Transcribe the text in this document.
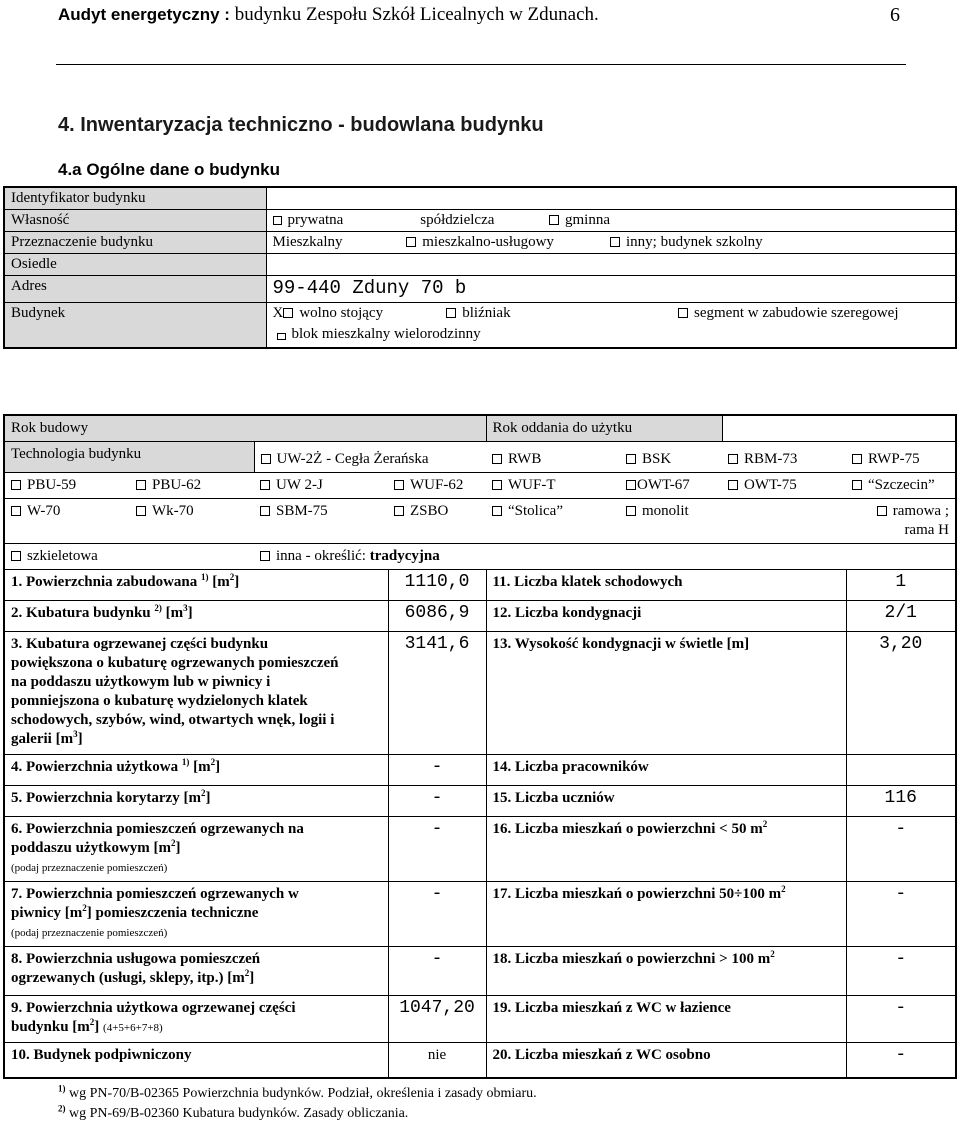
Audyt energetyczny : budynku Zespołu Szkół Licealnych w Zdunach.	6
4. Inwentaryzacja techniczno - budowlana budynku
4.a Ogólne dane o budynku
Identyfikator budynku	
Własność	prywatna spółdzielcza gminna
Przeznaczenie budynku	Mieszkalny mieszkalno-usługowy inny; budynek szkolny
Osiedle	
Adres	99-440 Zduny 70 b
Budynek	X wolno stojący bliźniak segment w zabudowie szeregowej
blok mieszkalny wielorodzinny
Rok budowy				Rok oddania do użytku			
Technologia budynku		UW-2Ż - Cegła Żerańska		RWB	BSK	RBM-73	RWP-75
PBU-59	PBU-62	UW 2-J	WUF-62	WUF-T	OWT-67	OWT-75	“Szczecin”
W-70	Wk-70	SBM-75	ZSBO	“Stolica”	monolit		ramowa ; rama H
szkieletowa		inna - określić: tradycyjna					
1. Powierzchnia zabudowana $^{1)}$ $[m^2]$			1110,0	11. Liczba klatek schodowych			1
2. Kubatura budynku $^{2)}$ $[m^3]$			6086,9	12. Liczba kondygnacji			2/1
3. Kubatura ogrzewanej części budynku powiększona o kubaturę ogrzewanych pomieszczeń na poddaszu użytkowym lub w piwnicy i pomniejszona o kubaturę wydzielonych klatek schodowych, szybów, wind, otwartych wnęk, logii i galerii $[m^3]$			3141,6	13. Wysokość kondygnacji w świetle [m]			3,20
4. Powierzchnia użytkowa $^{1)}$ $[m^2]$			-	14. Liczba pracowników			
5. Powierzchnia korytarzy $[m^2]$			-	15. Liczba uczniów			116
6. Powierzchnia pomieszczeń ogrzewanych na poddaszu użytkowym $[m^2]$
(podaj przeznaczenie pomieszczeń)			-	16. Liczba mieszkań o powierzchni < 50 $m^2$			-
7. Powierzchnia pomieszczeń ogrzewanych w piwnicy $[m^2]$ pomieszczenia techniczne
(podaj przeznaczenie pomieszczeń)			-	17. Liczba mieszkań o powierzchni 50÷100 $m^2$			-
8. Powierzchnia usługowa pomieszczeń ogrzewanych (usługi, sklepy, itp.) $[m^2]$			-	18. Liczba mieszkań o powierzchni > 100 $m^2$			-
9. Powierzchnia użytkowa ogrzewanej części budynku $[m^2]$ (4+5+6+7+8)			1047,20	19. Liczba mieszkań z WC w łazience			-
10. Budynek podpiwniczony			nie	20. Liczba mieszkań z WC osobno			-
$^{1)}$ wg PN-70/B-02365 Powierzchnia budynków. Podział, określenia i zasady obmiaru.
$^{2)}$ wg PN-69/B-02360 Kubatura budynków. Zasady obliczania.
